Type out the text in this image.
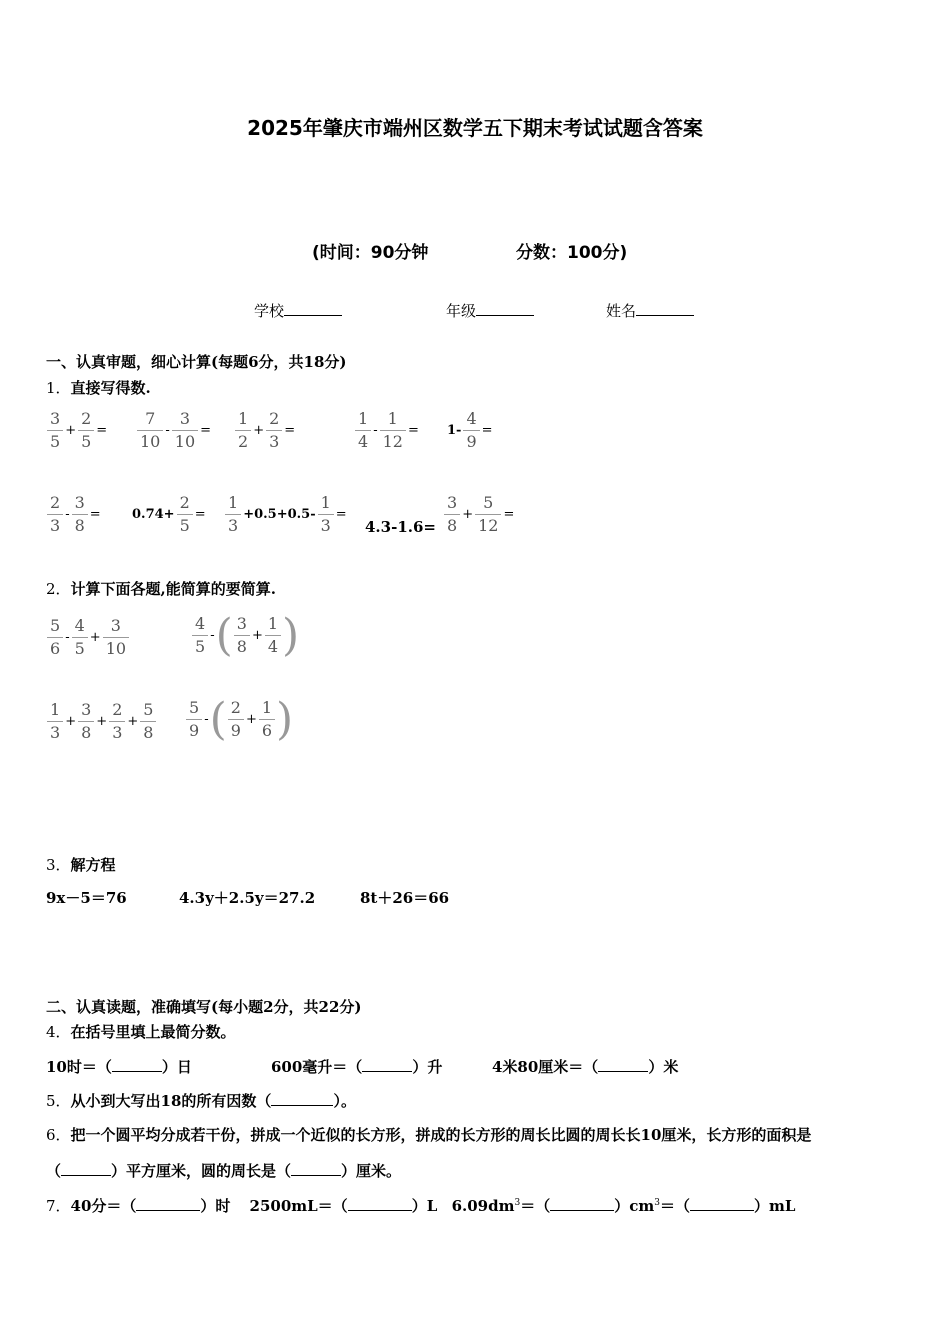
2025年肇庆市端州区数学五下期末考试试题含答案
(时间：90分钟	分数：100分)
学校	年级	姓名
一、认真审题，细心计算(每题6分，共18分)
1．直接写得数.
3
5
+ $\frac{2}{5}$ =
7
10
- $\frac{3}{10}$ =
1
2
+ $\frac{2}{3}$ =
1
4
- $\frac{1}{12} = 1- \frac{4}{9}$ =
2
3
- $\frac{3}{8} = 0.74+ \frac{2}{5}$ =
1
3
$+0.5+0.5- \frac{1}{3}$ =
4.3-1.6=
3
8
+ $\frac{5}{12}$ =
2．计算下面各题,能简算的要简算.
5
6
-
4
5
+ $\frac{3}{10}$	4
5
- ( 3
8
+ $\frac{1}{4}$ )
1
3
+ $\frac{3}{8} + \frac{2}{3} + \frac{5}{8} 5$
9
- ( 2
9
+ $\frac{1}{6}$ )
3．解方程
9x－5＝76	4.3y＋2.5y＝27.2	8t＋26＝66
二、认真读题，准确填写(每小题2分，共22分)
4．在括号里填上最简分数。
10时＝（	）日	600毫升＝（	）升	4米80厘米＝（	）米
5．从小到大写出18的所有因数（	）。
6．把一个圆平均分成若干份，拼成一个近似的长方形，拼成的长方形的周长比圆的周长长10厘米，长方形的面积是
（	）平方厘米，圆的周长是（	）厘米。
7．40分＝（	）时 2500mL＝（	）L $6.09dm^3=$（	）$cm^3=$（	）mL
